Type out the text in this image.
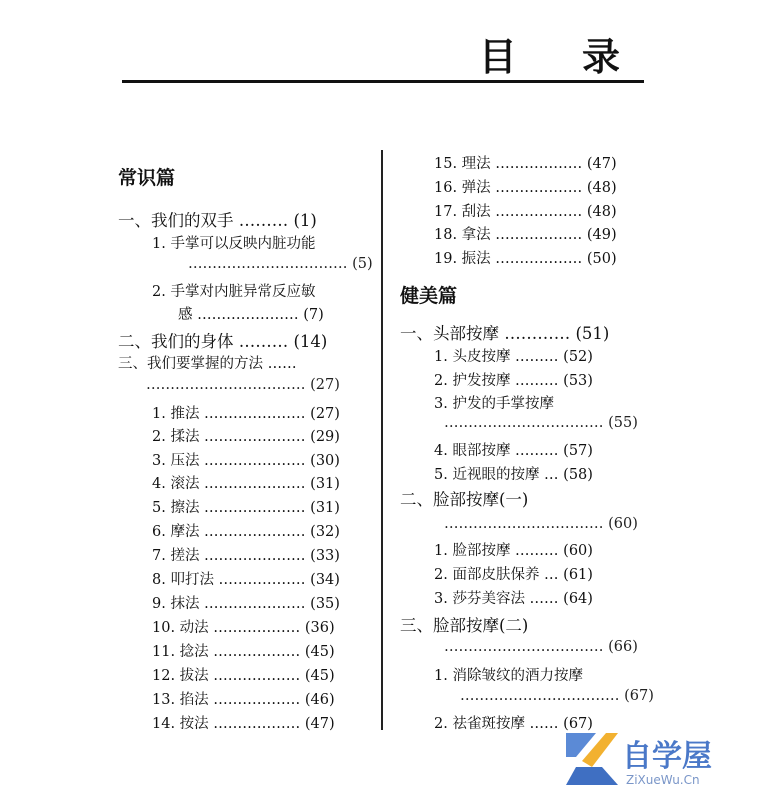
目 录
常识篇
一、我们的双手 ……… (1)
1. 手掌可以反映内脏功能
…………………………… (5)
2. 手掌对内脏异常反应敏
感 ………………… (7)
二、我们的身体 ……… (14)
三、我们要掌握的方法 ……
…………………………… (27)
1. 推法 ………………… (27)
2. 揉法 ………………… (29)
3. 压法 ………………… (30)
4. 滚法 ………………… (31)
5. 擦法 ………………… (31)
6. 摩法 ………………… (32)
7. 搓法 ………………… (33)
8. 叩打法 ……………… (34)
9. 抹法 ………………… (35)
10. 动法 ……………… (36)
11. 捻法 ……………… (45)
12. 拔法 ……………… (45)
13. 掐法 ……………… (46)
14. 按法 ……………… (47)
15. 理法 ……………… (47)
16. 弹法 ……………… (48)
17. 刮法 ……………… (48)
18. 拿法 ……………… (49)
19. 振法 ……………… (50)
健美篇
一、头部按摩 ………… (51)
1. 头皮按摩 ……… (52)
2. 护发按摩 ……… (53)
3. 护发的手掌按摩
…………………………… (55)
4. 眼部按摩 ……… (57)
5. 近视眼的按摩 … (58)
二、脸部按摩(一)
…………………………… (60)
1. 脸部按摩 ……… (60)
2. 面部皮肤保养 … (61)
3. 莎芬美容法 …… (64)
三、脸部按摩(二)
…………………………… (66)
1. 消除皱纹的酒力按摩
…………………………… (67)
2. 祛雀斑按摩 …… (67)
自学屋
ZiXueWu.Cn
